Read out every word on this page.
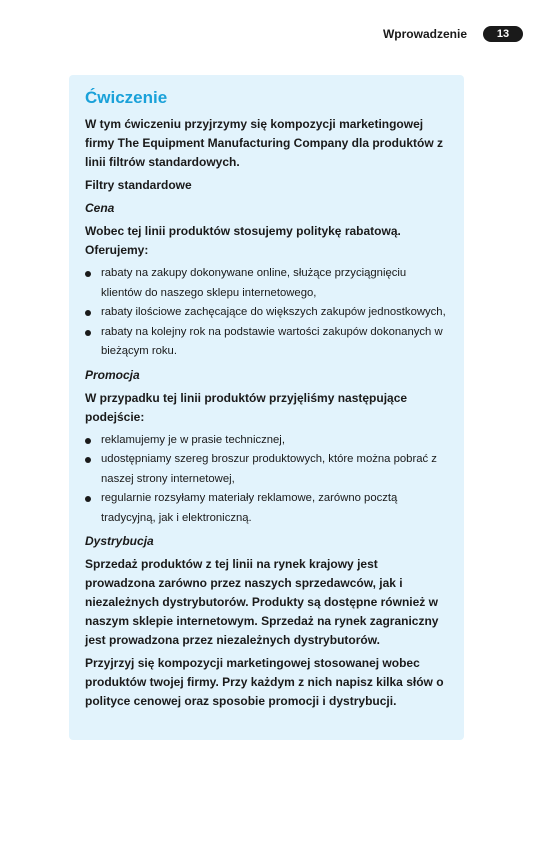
Wprowadzenie	13
Ćwiczenie

W tym ćwiczeniu przyjrzymy się kompozycji marketingowej firmy The Equipment Manufacturing Company dla produktów z linii filtrów standardowych.

Filtry standardowe

Cena

Wobec tej linii produktów stosujemy politykę rabatową. Oferujemy:

rabaty na zakupy dokonywane online, służące przyciągnięciu klientów do naszego sklepu internetowego,
rabaty ilościowe zachęcające do większych zakupów jednostkowych,
rabaty na kolejny rok na podstawie wartości zakupów dokonanych w bieżącym roku.

Promocja

W przypadku tej linii produktów przyjęliśmy następujące podejście:

reklamujemy je w prasie technicznej,
udostępniamy szereg broszur produktowych, które można pobrać z naszej strony internetowej,
regularnie rozsyłamy materiały reklamowe, zarówno pocztą tradycyjną, jak i elektroniczną.

Dystrybucja

Sprzedaż produktów z tej linii na rynek krajowy jest prowadzona zarówno przez naszych sprzedawców, jak i niezależnych dystrybutorów. Produkty są dostępne również w naszym sklepie internetowym. Sprzedaż na rynek zagraniczny jest prowadzona przez niezależnych dystrybutorów.

Przyjrzyj się kompozycji marketingowej stosowanej wobec produktów twojej firmy. Przy każdym z nich napisz kilka słów o polityce cenowej oraz sposobie promocji i dystrybucji.
